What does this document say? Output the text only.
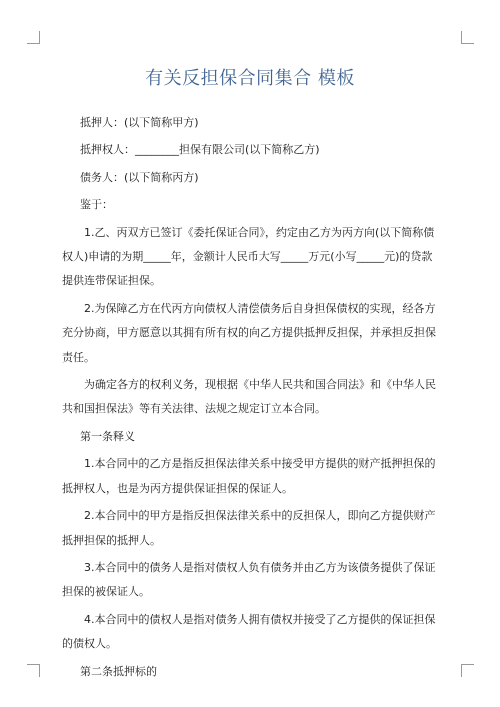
有关反担保合同集合 模板

抵押人：(以下简称甲方)

抵押权人：________担保有限公司(以下简称乙方)

债务人：(以下简称丙方)

鉴于：

1.乙、丙双方已签订《委托保证合同》，约定由乙方为丙方向(以下简称债权人)申请的为期_____年，金额计人民币大写_____万元(小写_____元)的贷款提供连带保证担保。

2.为保障乙方在代丙方向债权人清偿债务后自身担保债权的实现，经各方充分协商，甲方愿意以其拥有所有权的向乙方提供抵押反担保，并承担反担保责任。

为确定各方的权利义务，现根据《中华人民共和国合同法》和《中华人民共和国担保法》等有关法律、法规之规定订立本合同。

第一条释义

1.本合同中的乙方是指反担保法律关系中接受甲方提供的财产抵押担保的抵押权人，也是为丙方提供保证担保的保证人。

2.本合同中的甲方是指反担保法律关系中的反担保人，即向乙方提供财产抵押担保的抵押人。

3.本合同中的债务人是指对债权人负有债务并由乙方为该债务提供了保证担保的被保证人。

4.本合同中的债权人是指对债务人拥有债权并接受了乙方提供的保证担保的债权人。

第二条抵押标的
